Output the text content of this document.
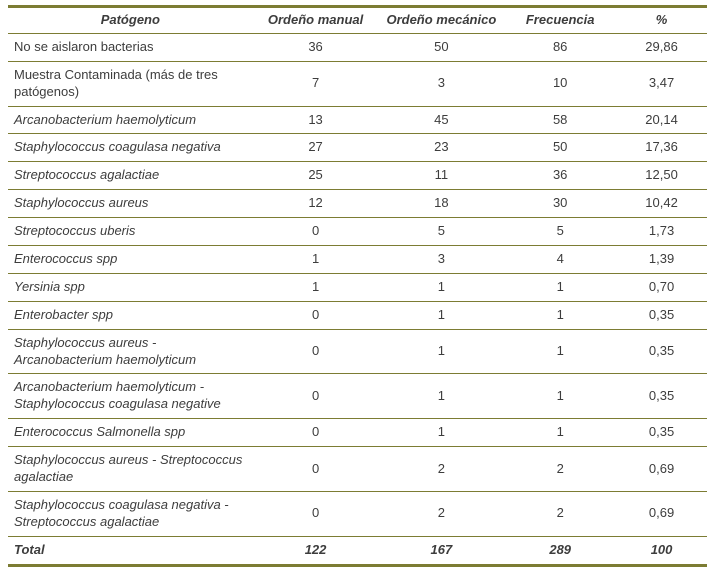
Patógeno	Ordeño manual	Ordeño mecánico	Frecuencia	%
No se aislaron bacterias	36	50	86	29,86
Muestra Contaminada (más de tres patógenos)	7	3	10	3,47
Arcanobacterium haemolyticum	13	45	58	20,14
Staphylococcus coagulasa negativa	27	23	50	17,36
Streptococcus agalactiae	25	11	36	12,50
Staphylococcus aureus	12	18	30	10,42
Streptococcus uberis	0	5	5	1,73
Enterococcus spp	1	3	4	1,39
Yersinia spp	1	1	1	0,70
Enterobacter spp	0	1	1	0,35
Staphylococcus aureus - Arcanobacterium haemolyticum	0	1	1	0,35
Arcanobacterium haemolyticum -Staphylococcus coagulasa negative	0	1	1	0,35
Enterococcus Salmonella spp	0	1	1	0,35
Staphylococcus aureus - Streptococcus agalactiae	0	2	2	0,69
Staphylococcus coagulasa negativa - Streptococcus agalactiae	0	2	2	0,69
Total	122	167	289	100
